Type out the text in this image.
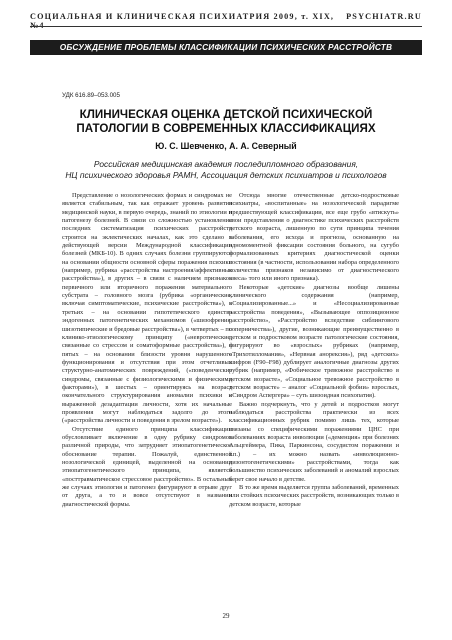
СОЦИАЛЬНАЯ И КЛИНИЧЕСКАЯ ПСИХИАТРИЯ 2009, т. XIX,	PSYCHIATR.RU
ОБСУЖДЕНИЕ ПРОБЛЕМЫ КЛАССИФИКАЦИИ ПСИХИЧЕСКИХ РАССТРОЙСТВ
УДК 616.89–053.005
КЛИНИЧЕСКАЯ ОЦЕНКА ДЕТСКОЙ ПСИХИЧЕСКОЙ
ПАТОЛОГИИ В СОВРЕМЕННЫХ КЛАССИФИКАЦИЯХ
Ю. С. Шевченко, А. А. Северный
Российская медицинская академия последипломного образования,
НЦ психического здоровья РАМН, Ассоциация детских психиатров и психологов

Представление о нозологических формах и синдромах не является стабильным, так как отражает уровень развития медицинской науки, в первую очередь, знаний по этиологии и патогенезу болезней. В связи со сложностью установления последних систематизация психических расстройств строится на эклектических началах, как это сделано в действующей версии Международной классификации болезней (МКБ-10). В одних случаях болезни группируются на основании общности основной сферы поражения психики (например, рубрика «расстройства настроения/аффективные расстройства»), в других – в связи с наличием признаков первичного или вторичного поражения материального субстрата – головного мозга (рубрика «органические, включая симптоматические, психические расстройства»), в третьих – на основании гипотетического единства эндогенных патогенетических механизмов («шизофрения, шизотипические и бредовые расстройства»), в четвертых – по клинико-этиологическому принципу («невротические, связанные со стрессом и соматоформные расстройства»), в пятых – на основании близости уровня нарушенного функционирования и отсутствия при этом отчетливых структурно-анатомических повреждений, («поведенческие синдромы, связанные с физиологическими и физическими факторами»), в шестых – ориентируясь на возраст окончательного структурирования аномалии психики и выраженной дезадаптации личности, хотя их начальные проявления могут наблюдаться задолго до этого («расстройства личности и поведения в зрелом возрасте»).

Отсутствие единого принципа классификации обусловливает включение в одну рубрику синдромов различной природы, что затрудняет этиопатогенетическое обоснование терапии. Пожалуй, единственной нозологической единицей, выделенной на основании этиопатогенетического принципа, является «посттравматическое стрессовое расстройство». В остальных же случаях этиология и патогенез фигурируют в отрыве друг от друга, а то и вовсе отсутствуют в названии диагностической формы.

Отсюда многие отечественные детско-подростковые психиатры, «воспитанные» на нозологической парадигме предшествующей классификации, все еще грубо «втискуть» свои представления о диагностике психических расстройств детского возраста, лишенную по сути принципа течения заболевания, его исхода и прогноза, основанную на одномоментной фиксации состояния больного, на сугубо формализованных критериях диагностической оценки состояния (в частности, использовании набора определенного количества признаков независимо от диагностического «веса» того или иного признака).

Некоторые «детские» диагнозы вообще лишены клинического содержания (например, «Социализированные...» и «Несоциализированные расстройства поведения», «Вызывающее оппозиционное расстройство», «Расстройство вследствие сиблингового соперничества»), другие, возникающие преимущественно в детском и подростковом возрасте патологические состояния, фигурируют во «взрослых» рубриках (например, «Трихотилломания», «Нервная анорексия»), ряд «детских» шифров (F90–F98) дублирует аналогичные диагнозы других рубрик (например, «Фобическое тревожное расстройство в детском возрасте», «Социальное тревожное расстройство в детском возрасте» – аналог «Социальной фобии» взрослых, «Синдром Аспергера» – суть шизоидная психопатия).

Важно подчеркнуть, что у детей и подростков могут наблюдаться расстройства практически из всех классификационных рубрик помимо лишь тех, которые связаны со специфическими поражениями ЦНС при заболеваниях возраста инволюции («деменция» при болезнях Альцгеймера, Пика, Паркинсона, сосудистом поражении и т.п.) – их можно назвать «инволюционно-дизонтогенетическими» расстройствами, тогда как большинство психических заболеваний и аномалий взрослых берет свое начало в детстве.

В то же время выделяется группа заболеваний, временных или стойких психических расстройств, возникающих только в детском возрасте, которые

29
